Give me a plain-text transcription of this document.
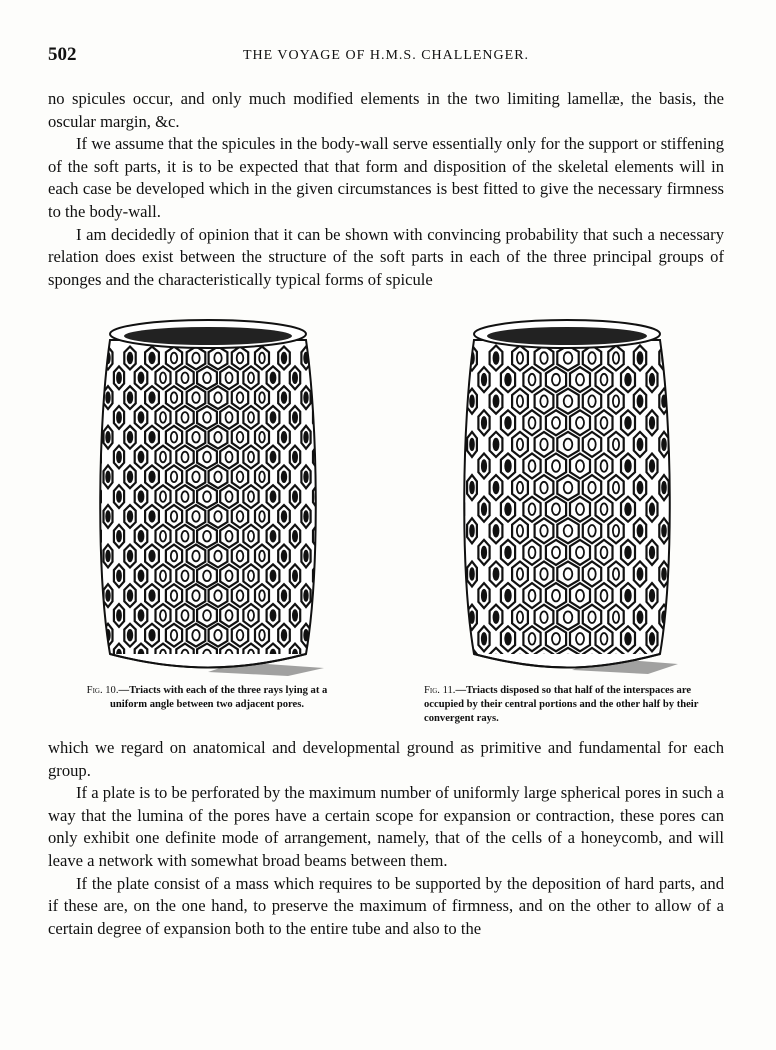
502	THE VOYAGE OF H.M.S. CHALLENGER.

no spicules occur, and only much modified elements in the two limiting lamellæ, the basis, the oscular margin, &c.

If we assume that the spicules in the body-wall serve essentially only for the support or stiffening of the soft parts, it is to be expected that that form and disposition of the skeletal elements will in each case be developed which in the given circumstances is best fitted to give the necessary firmness to the body-wall.

I am decidedly of opinion that it can be shown with convincing probability that such a necessary relation does exist between the structure of the soft parts in each of the three principal groups of sponges and the characteristically typical forms of spicule

Fig. 10.—Triacts with each of the three rays lying at a uniform angle between two adjacent pores.
Fig. 11.—Triacts disposed so that half of the interspaces are occupied by their central portions and the other half by their convergent rays.

which we regard on anatomical and developmental ground as primitive and fundamental for each group.

If a plate is to be perforated by the maximum number of uniformly large spherical pores in such a way that the lumina of the pores have a certain scope for expansion or contraction, these pores can only exhibit one definite mode of arrangement, namely, that of the cells of a honeycomb, and will leave a network with somewhat broad beams between them.

If the plate consist of a mass which requires to be supported by the deposition of hard parts, and if these are, on the one hand, to preserve the maximum of firmness, and on the other to allow of a certain degree of expansion both to the entire tube and also to the
